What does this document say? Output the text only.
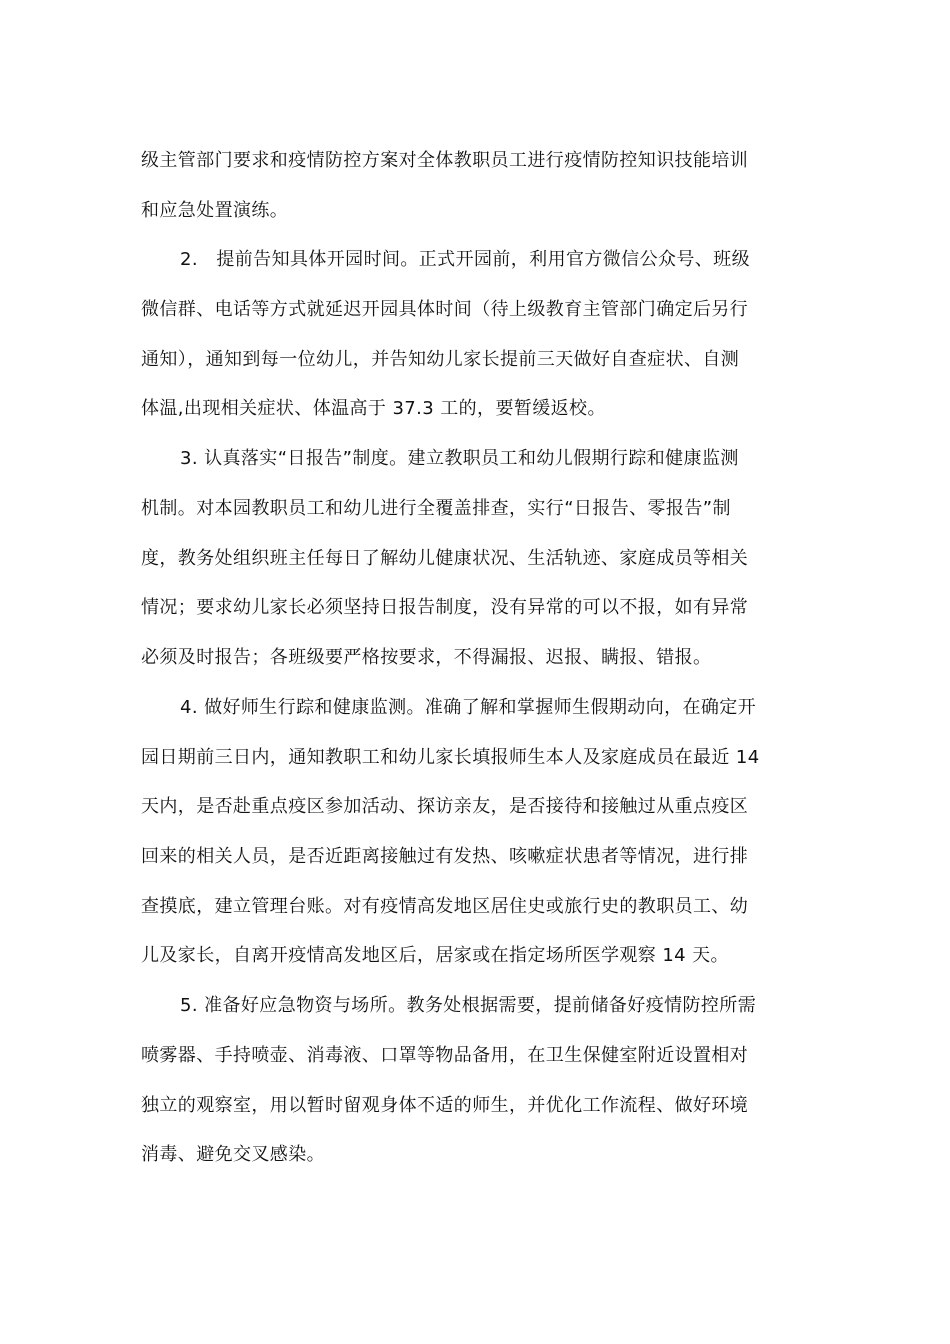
级主管部门要求和疫情防控方案对全体教职员工进行疫情防控知识技能培训
和应急处置演练。
2.　提前告知具体开园时间。正式开园前，利用官方微信公众号、班级
微信群、电话等方式就延迟开园具体时间（待上级教育主管部门确定后另行
通知），通知到每一位幼儿，并告知幼儿家长提前三天做好自查症状、自测
体温,出现相关症状、体温高于 37.3 工的，要暂缓返校。
3. 认真落实“日报告”制度。建立教职员工和幼儿假期行踪和健康监测
机制。对本园教职员工和幼儿进行全覆盖排查，实行“日报告、零报告”制
度，教务处组织班主任每日了解幼儿健康状况、生活轨迹、家庭成员等相关
情况；要求幼儿家长必须坚持日报告制度，没有异常的可以不报，如有异常
必须及时报告；各班级要严格按要求，不得漏报、迟报、瞒报、错报。
4. 做好师生行踪和健康监测。准确了解和掌握师生假期动向，在确定开
园日期前三日内，通知教职工和幼儿家长填报师生本人及家庭成员在最近 14
天内，是否赴重点疫区参加活动、探访亲友，是否接待和接触过从重点疫区
回来的相关人员，是否近距离接触过有发热、咳嗽症状患者等情况，进行排
查摸底，建立管理台账。对有疫情高发地区居住史或旅行史的教职员工、幼
儿及家长，自离开疫情高发地区后，居家或在指定场所医学观察 14 天。
5. 准备好应急物资与场所。教务处根据需要，提前储备好疫情防控所需
喷雾器、手持喷壶、消毒液、口罩等物品备用，在卫生保健室附近设置相对
独立的观察室，用以暂时留观身体不适的师生，并优化工作流程、做好环境
消毒、避免交叉感染。
